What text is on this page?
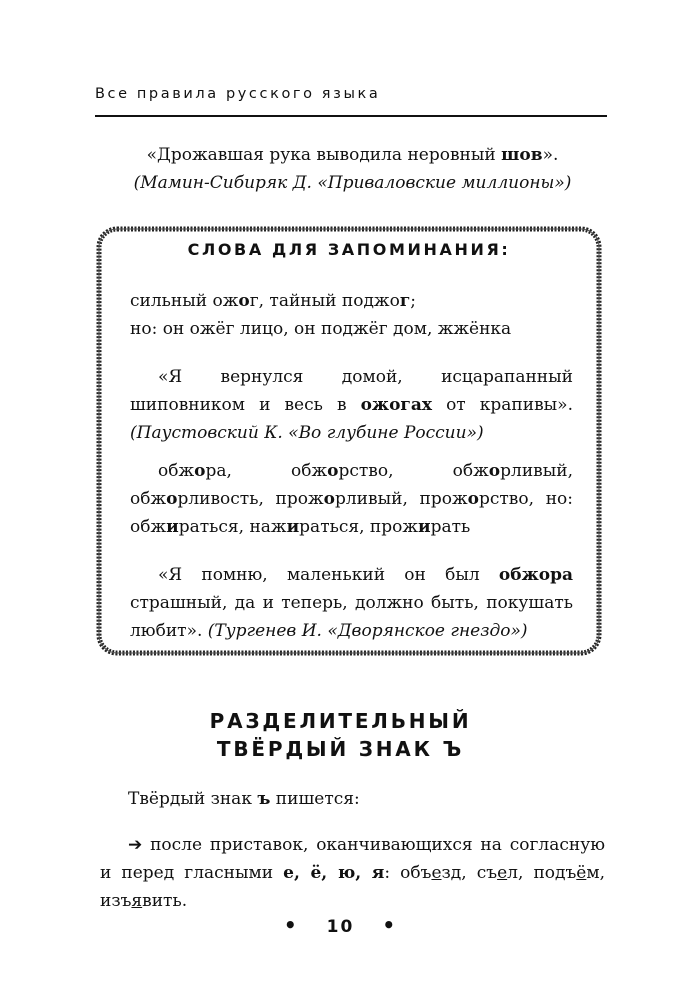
Все правила русского языка

«Дрожавшая рука выводила неровный шов».
(Мамин-Сибиряк Д. «Приваловские миллионы»)

СЛОВА ДЛЯ ЗАПОМИНАНИЯ:

сильный ожог, тайный поджог;
но: он ожёг лицо, он поджёг дом, жжёнка

«Я вернулся домой, исцарапанный шиповником и весь в ожогах от крапивы». (Паустовский К. «Во глубине России»)

обжора, обжорство, обжорливый, обжорливость, прожорливый, прожорство, но: обжираться, нажираться, прожирать

«Я помню, маленький он был обжора страшный, да и теперь, должно быть, покушать любит». (Тургенев И. «Дворянское гнездо»)

РАЗДЕЛИТЕЛЬНЫЙ
ТВЁРДЫЙ ЗНАК Ъ

Твёрдый знак ъ пишется:

➔ после приставок, оканчивающихся на согласную и перед гласными е, ё, ю, я: объезд, съел, подъём, изъявить.

• 10 •
